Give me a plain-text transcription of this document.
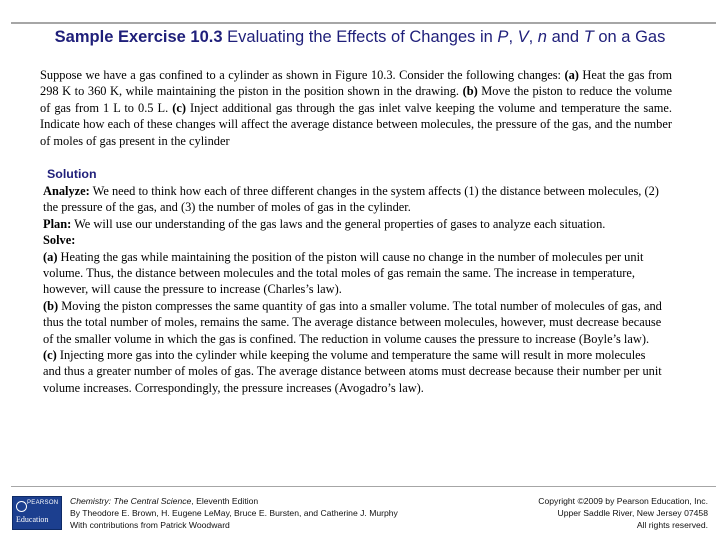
Sample Exercise 10.3 Evaluating the Effects of Changes in P, V, n and T on a Gas

Suppose we have a gas confined to a cylinder as shown in Figure 10.3. Consider the following changes: (a) Heat the gas from 298 K to 360 K, while maintaining the piston in the position shown in the drawing. (b) Move the piston to reduce the volume of gas from 1 L to 0.5 L. (c) Inject additional gas through the gas inlet valve keeping the volume and temperature the same. Indicate how each of these changes will affect the average distance between molecules, the pressure of the gas, and the number of moles of gas present in the cylinder

Solution

Analyze: We need to think how each of three different changes in the system affects (1) the distance between molecules, (2) the pressure of the gas, and (3) the number of moles of gas in the cylinder.

Plan: We will use our understanding of the gas laws and the general properties of gases to analyze each situation.

Solve:

(a) Heating the gas while maintaining the position of the piston will cause no change in the number of molecules per unit volume. Thus, the distance between molecules and the total moles of gas remain the same. The increase in temperature, however, will cause the pressure to increase (Charles’s law).

(b) Moving the piston compresses the same quantity of gas into a smaller volume. The total number of molecules of gas, and thus the total number of moles, remains the same. The average distance between molecules, however, must decrease because of the smaller volume in which the gas is confined. The reduction in volume causes the pressure to increase (Boyle’s law).

(c) Injecting more gas into the cylinder while keeping the volume and temperature the same will result in more molecules and thus a greater number of moles of gas. The average distance between atoms must decrease because their number per unit volume increases. Correspondingly, the pressure increases (Avogadro’s law).

PEARSON
Education
Chemistry: The Central Science, Eleventh Edition
By Theodore E. Brown, H. Eugene LeMay, Bruce E. Bursten, and Catherine J. Murphy
With contributions from Patrick Woodward
Copyright ©2009 by Pearson Education, Inc.
Upper Saddle River, New Jersey 07458
All rights reserved.
